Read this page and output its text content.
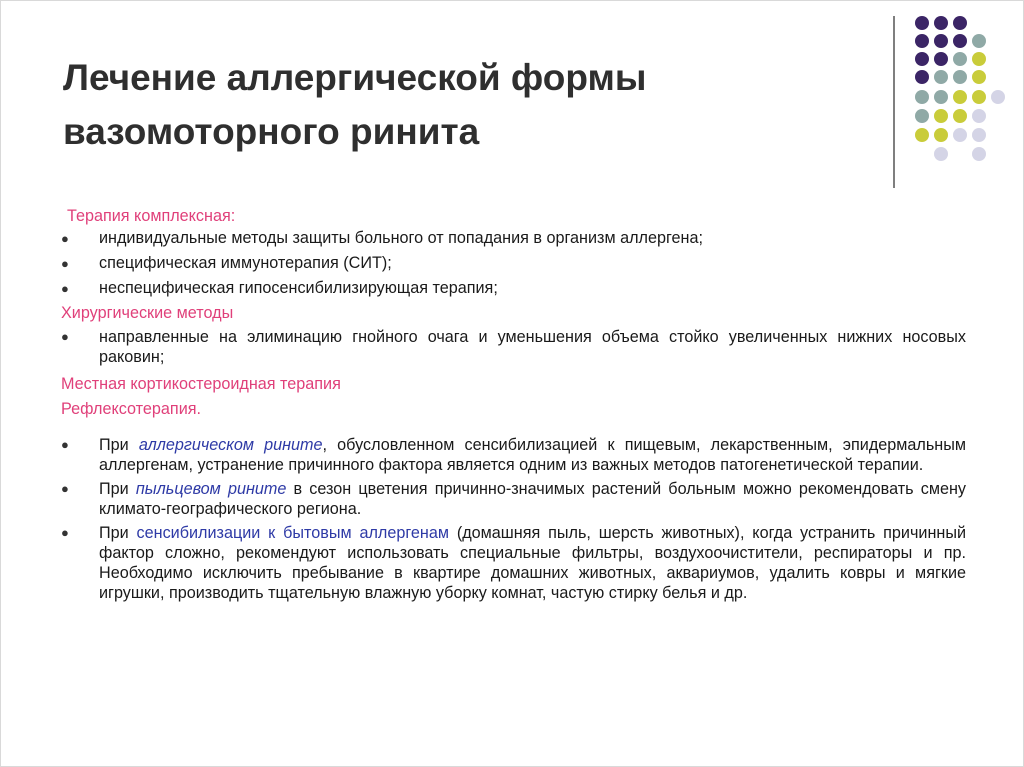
Лечение аллергической формы вазомоторного ринита
Терапия комплексная:
● индивидуальные методы защиты больного от попадания в организм аллергена;
● специфическая иммунотерапия (СИТ);
● неспецифическая гипосенсибилизирующая терапия;
Хирургические методы
● направленные на элиминацию гнойного очага и уменьшения объема стойко увеличенных нижних носовых раковин;
Местная кортикостероидная терапия
Рефлексотерапия.
● При аллергическом рините, обусловленном сенсибилизацией к пищевым, лекарственным, эпидермальным аллергенам, устранение причинного фактора является одним из важных методов патогенетической терапии.
● При пыльцевом рините в сезон цветения причинно-значимых растений больным можно рекомендовать смену климато-географического региона.
● При сенсибилизации к бытовым аллергенам (домашняя пыль, шерсть животных), когда устранить причинный фактор сложно, рекомендуют использовать специальные фильтры, воздухоочистители, респираторы и пр. Необходимо исключить пребывание в квартире домашних животных, аквариумов, удалить ковры и мягкие игрушки, производить тщательную влажную уборку комнат, частую стирку белья и др.
